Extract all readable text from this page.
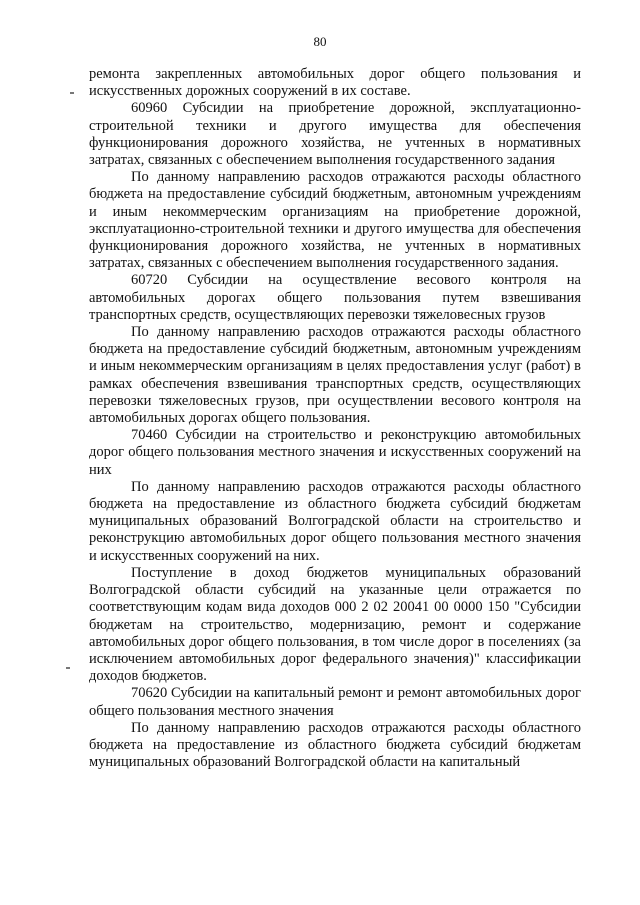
80

ремонта закрепленных автомобильных дорог общего пользования и искусственных дорожных сооружений в их составе.

60960 Субсидии на приобретение дорожной, эксплуатационно-строительной техники и другого имущества для обеспечения функционирования дорожного хозяйства, не учтенных в нормативных затратах, связанных с обеспечением выполнения государственного задания

По данному направлению расходов отражаются расходы областного бюджета на предоставление субсидий бюджетным, автономным учреждениям и иным некоммерческим организациям на приобретение дорожной, эксплуатационно-строительной техники и другого имущества для обеспечения функционирования дорожного хозяйства, не учтенных в нормативных затратах, связанных с обеспечением выполнения государственного задания.

60720 Субсидии на осуществление весового контроля на автомобильных дорогах общего пользования путем взвешивания транспортных средств, осуществляющих перевозки тяжеловесных грузов

По данному направлению расходов отражаются расходы областного бюджета на предоставление субсидий бюджетным, автономным учреждениям и иным некоммерческим организациям в целях предоставления услуг (работ) в рамках обеспечения взвешивания транспортных средств, осуществляющих перевозки тяжеловесных грузов, при осуществлении весового контроля на автомобильных дорогах общего пользования.

70460 Субсидии на строительство и реконструкцию автомобильных дорог общего пользования местного значения и искусственных сооружений на них

По данному направлению расходов отражаются расходы областного бюджета на предоставление из областного бюджета субсидий бюджетам муниципальных образований Волгоградской области на строительство и реконструкцию автомобильных дорог общего пользования местного значения и искусственных сооружений на них.

Поступление в доход бюджетов муниципальных образований Волгоградской области субсидий на указанные цели отражается по соответствующим кодам вида доходов 000 2 02 20041 00 0000 150 "Субсидии бюджетам на строительство, модернизацию, ремонт и содержание автомобильных дорог общего пользования, в том числе дорог в поселениях (за исключением автомобильных дорог федерального значения)" классификации доходов бюджетов.

70620 Субсидии на капитальный ремонт и ремонт автомобильных дорог общего пользования местного значения

По данному направлению расходов отражаются расходы областного бюджета на предоставление из областного бюджета субсидий бюджетам муниципальных образований Волгоградской области на капитальный
